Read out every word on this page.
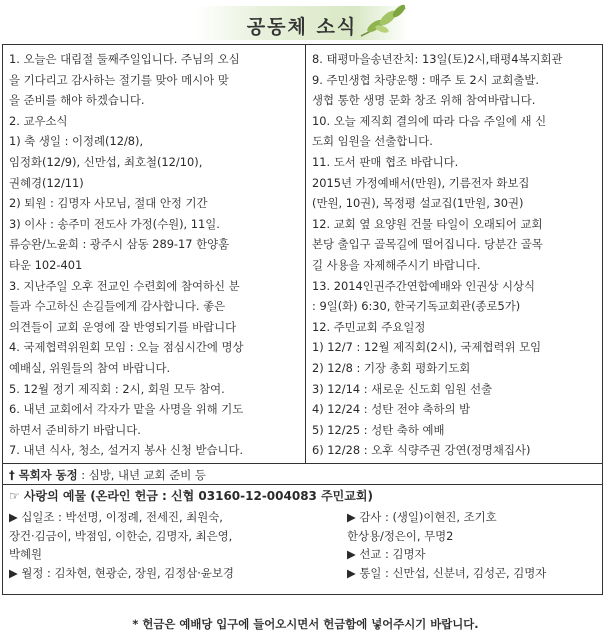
공동체 소식
1. 오늘은 대림절 둘째주일입니다. 주님의 오심
을 기다리고 감사하는 절기를 맞아 메시아 맞
을 준비를 해야 하겠습니다.
2. 교우소식
1) 축 생일 : 이정례(12/8),
임정화(12/9), 신만섭, 최호철(12/10),
권혜경(12/11)
2) 퇴원 : 김명자 사모님, 절대 안정 기간
3) 이사 : 송주미 전도사 가정(수원), 11일.
류승완/노윤희 : 광주시 삼동 289-17 한양훔
타운 102-401
3. 지난주일 오후 전교인 수련회에 참여하신 분
들과 수고하신 손길들에게 감사합니다. 좋은
의견들이 교회 운영에 잘 반영되기를 바랍니다
4. 국제협력위원회 모임 : 오늘 점심시간에 명상
예배실, 위원들의 참여 바랍니다.
5. 12월 정기 제직회 : 2시, 회원 모두 참여.
6. 내년 교회에서 각자가 맡을 사명을 위해 기도
하면서 준비하기 바랍니다.
7. 내년 식사, 청소, 설거지 봉사 신청 받습니다.
8. 태평마을송년잔치: 13일(토)2시,태평4복지회관
9. 주민생협 차량운행 : 매주 토 2시 교회출발.
생협 통한 생명 문화 창조 위해 참여바랍니다.
10. 오늘 제직회 결의에 따라 다음 주일에 새 신
도회 임원을 선출합니다.
11. 도서 판매 협조 바랍니다.
2015년 가정예배서(만원), 기름전자 화보집
(만원, 10권), 목정평 설교집(1만원, 30권)
12. 교회 옆 요양원 건물 타일이 오래되어 교회
본당 출입구 골목길에 떨어집니다. 당분간 골목
길 사용을 자제해주시기 바랍니다.
13. 2014인권주간연합예배와 인권상 시상식
: 9일(화) 6:30, 한국기독교회관(종로5가)
12. 주민교회 주요일정
1) 12/7 : 12월 제직회(2시), 국제협력위 모임
2) 12/8 : 기장 총회 평화기도회
3) 12/14 : 새로운 신도회 임원 선출
4) 12/24 : 성탄 전야 축하의 밤
5) 12/25 : 성탄 축하 예배
6) 12/28 : 오후 식량주권 강연(정명채집사)
† 목회자 동정 : 심방, 내년 교회 준비 등
☞ 사랑의 예물 (온라인 헌금 : 신협 03160-12-004083 주민교회)
▶ 십일조 : 박선명, 이정례, 전세진, 최원숙,
장건·김금이, 박점임, 이한순, 김명자, 최은영,
박혜원
▶ 월정 : 김차현, 현광순, 장원, 김정삼·윤보경
▶ 감사 : (생일)이현진, 조기호
한상용/정은이, 무명2
▶ 선교 : 김명자
▶ 통일 : 신만섭, 신분녀, 김성곤, 김명자
* 헌금은 예배당 입구에 들어오시면서 헌금함에 넣어주시기 바랍니다.
